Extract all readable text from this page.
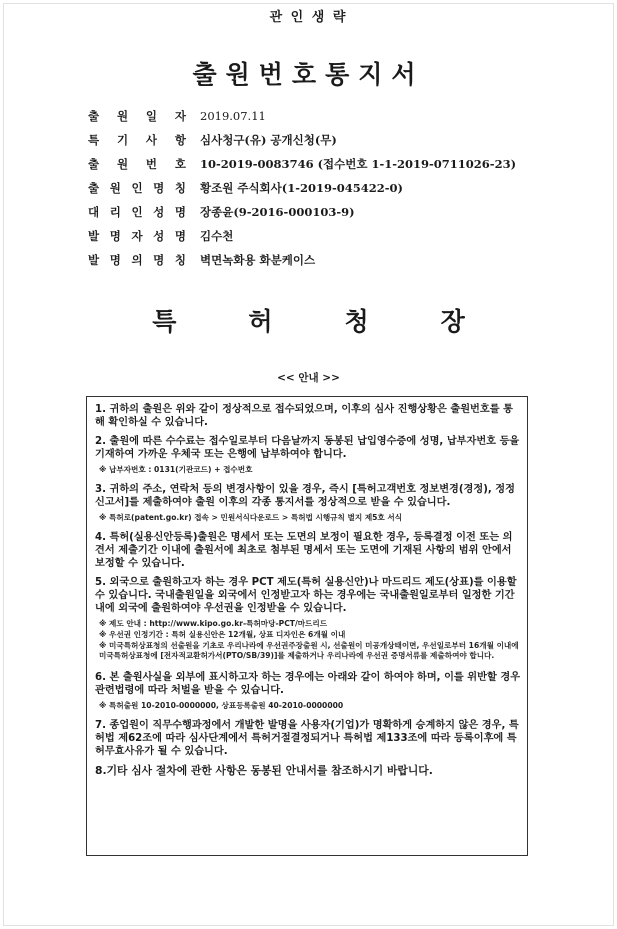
관 인 생 략
출원번호통지서
출 원 일 자 2019.07.11
특 기 사 항 심사청구(유) 공개신청(무)
출 원 번 호 10-2019-0083746 (접수번호 1-1-2019-0711026-23)
출 원 인 명 칭 황조원 주식회사(1-2019-045422-0)
대 리 인 성 명 장종윤(9-2016-000103-9)
발 명 자 성 명 김수천
발 명 의 명 칭 벽면녹화용 화분케이스
특	허	청	장
<< 안내 >>
1. 귀하의 출원은 위와 같이 정상적으로 접수되었으며, 이후의 심사 진행상황은 출원번호를 통해 확인하실 수 있습니다.
2. 출원에 따른 수수료는 접수일로부터 다음날까지 동봉된 납입영수증에 성명, 납부자번호 등을 기재하여 가까운 우체국 또는 은행에 납부하여야 합니다.
※ 납부자번호 : 0131(기관코드) + 접수번호
3. 귀하의 주소, 연락처 등의 변경사항이 있을 경우, 즉시 [특허고객번호 정보변경(경정), 정정신고서]를 제출하여야 출원 이후의 각종 통지서를 정상적으로 받을 수 있습니다.
※ 특허로(patent.go.kr) 접속 > 민원서식다운로드 > 특허법 시행규칙 별지 제5호 서식
4. 특허(실용신안등록)출원은 명세서 또는 도면의 보정이 필요한 경우, 등록결정 이전 또는 의견서 제출기간 이내에 출원서에 최초로 첨부된 명세서 또는 도면에 기재된 사항의 범위 안에서 보정할 수 있습니다.
5. 외국으로 출원하고자 하는 경우 PCT 제도(특허 실용신안)나 마드리드 제도(상표)를 이용할 수 있습니다. 국내출원일을 외국에서 인정받고자 하는 경우에는 국내출원일로부터 일정한 기간 내에 외국에 출원하여야 우선권을 인정받을 수 있습니다.
※ 제도 안내 : http://www.kipo.go.kr-특허마당-PCT/마드리드
※ 우선권 인정기간 : 특허 실용신안은 12개월, 상표 디자인은 6개월 이내
※ 미국특허상표청의 선출원을 기초로 우리나라에 우선권주장출원 시, 선출원이 미공개상태이면, 우선일로부터 16개월 이내에 미국특허상표청에 [전자적교환허가서(PTO/SB/39)]를 제출하거나 우리나라에 우선권 증명서류를 제출하여야 합니다.
6. 본 출원사실을 외부에 표시하고자 하는 경우에는 아래와 같이 하여야 하며, 이를 위반할 경우 관련법령에 따라 처벌을 받을 수 있습니다.
※ 특허출원 10-2010-0000000, 상표등록출원 40-2010-0000000
7. 종업원이 직무수행과정에서 개발한 발명을 사용자(기업)가 명확하게 승계하지 않은 경우, 특허법 제62조에 따라 심사단계에서 특허거절결정되거나 특허법 제133조에 따라 등록이후에 특허무효사유가 될 수 있습니다.
8.기타 심사 절차에 관한 사항은 동봉된 안내서를 참조하시기 바랍니다.
